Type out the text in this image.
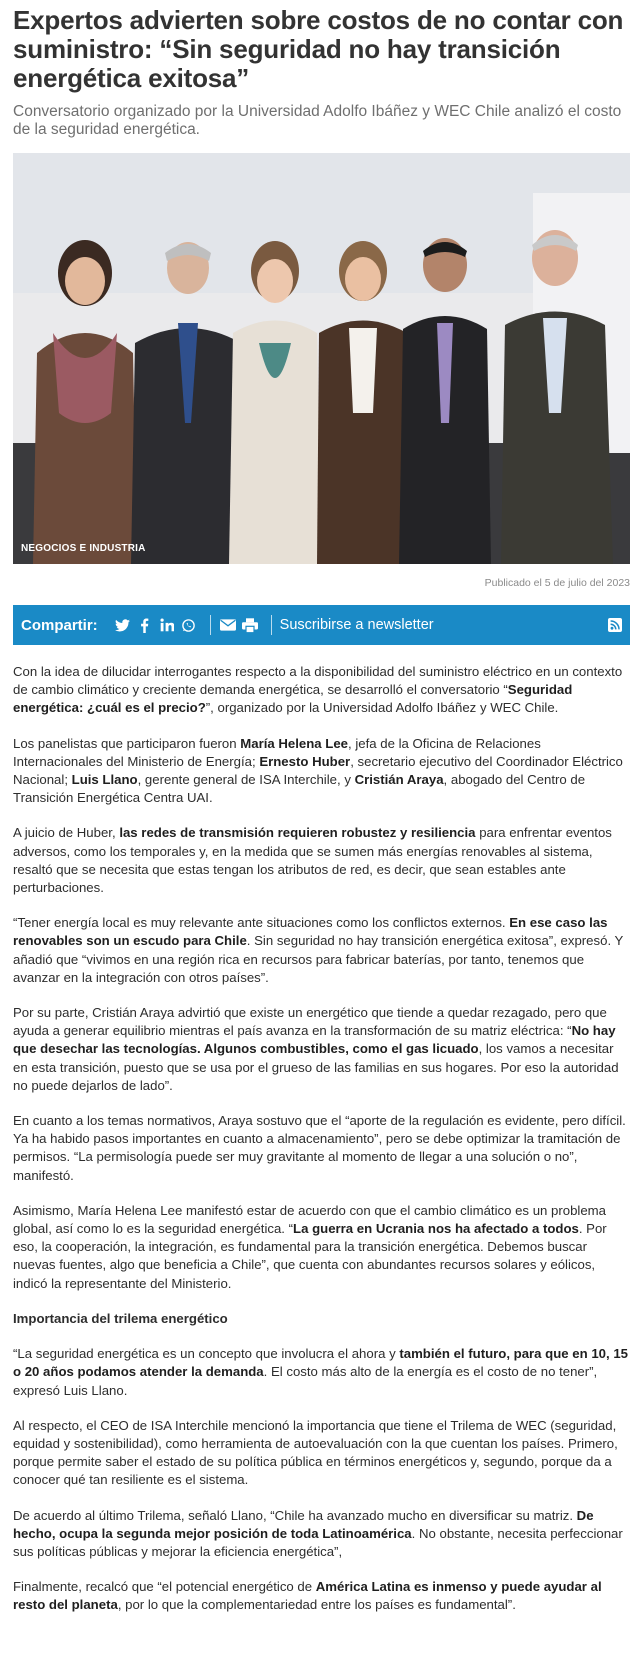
Expertos advierten sobre costos de no contar con suministro: “Sin seguridad no hay transición energética exitosa”

Conversatorio organizado por la Universidad Adolfo Ibáñez y WEC Chile analizó el costo de la seguridad energética.

NEGOCIOS E INDUSTRIA
Publicado el 5 de julio del 2023
Compartir:	Suscribirse a newsletter

Con la idea de dilucidar interrogantes respecto a la disponibilidad del suministro eléctrico en un contexto de cambio climático y creciente demanda energética, se desarrolló el conversatorio “Seguridad energética: ¿cuál es el precio?”, organizado por la Universidad Adolfo Ibáñez y WEC Chile.

Los panelistas que participaron fueron María Helena Lee, jefa de la Oficina de Relaciones Internacionales del Ministerio de Energía; Ernesto Huber, secretario ejecutivo del Coordinador Eléctrico Nacional; Luis Llano, gerente general de ISA Interchile, y Cristián Araya, abogado del Centro de Transición Energética Centra UAI.

A juicio de Huber, las redes de transmisión requieren robustez y resiliencia para enfrentar eventos adversos, como los temporales y, en la medida que se sumen más energías renovables al sistema, resaltó que se necesita que estas tengan los atributos de red, es decir, que sean estables ante perturbaciones.

“Tener energía local es muy relevante ante situaciones como los conflictos externos. En ese caso las renovables son un escudo para Chile. Sin seguridad no hay transición energética exitosa”, expresó. Y añadió que “vivimos en una región rica en recursos para fabricar baterías, por tanto, tenemos que avanzar en la integración con otros países”.

Por su parte, Cristián Araya advirtió que existe un energético que tiende a quedar rezagado, pero que ayuda a generar equilibrio mientras el país avanza en la transformación de su matriz eléctrica: “No hay que desechar las tecnologías. Algunos combustibles, como el gas licuado, los vamos a necesitar en esta transición, puesto que se usa por el grueso de las familias en sus hogares. Por eso la autoridad no puede dejarlos de lado”.

En cuanto a los temas normativos, Araya sostuvo que el “aporte de la regulación es evidente, pero difícil. Ya ha habido pasos importantes en cuanto a almacenamiento”, pero se debe optimizar la tramitación de permisos. “La permisología puede ser muy gravitante al momento de llegar a una solución o no”, manifestó.

Asimismo, María Helena Lee manifestó estar de acuerdo con que el cambio climático es un problema global, así como lo es la seguridad energética. “La guerra en Ucrania nos ha afectado a todos. Por eso, la cooperación, la integración, es fundamental para la transición energética. Debemos buscar nuevas fuentes, algo que beneficia a Chile”, que cuenta con abundantes recursos solares y eólicos, indicó la representante del Ministerio.

Importancia del trilema energético

“La seguridad energética es un concepto que involucra el ahora y también el futuro, para que en 10, 15 o 20 años podamos atender la demanda. El costo más alto de la energía es el costo de no tener”, expresó Luis Llano.

Al respecto, el CEO de ISA Interchile mencionó la importancia que tiene el Trilema de WEC (seguridad, equidad y sostenibilidad), como herramienta de autoevaluación con la que cuentan los países. Primero, porque permite saber el estado de su política pública en términos energéticos y, segundo, porque da a conocer qué tan resiliente es el sistema.

De acuerdo al último Trilema, señaló Llano, “Chile ha avanzado mucho en diversificar su matriz. De hecho, ocupa la segunda mejor posición de toda Latinoamérica. No obstante, necesita perfeccionar sus políticas públicas y mejorar la eficiencia energética”,

Finalmente, recalcó que “el potencial energético de América Latina es inmenso y puede ayudar al resto del planeta, por lo que la complementariedad entre los países es fundamental”.
